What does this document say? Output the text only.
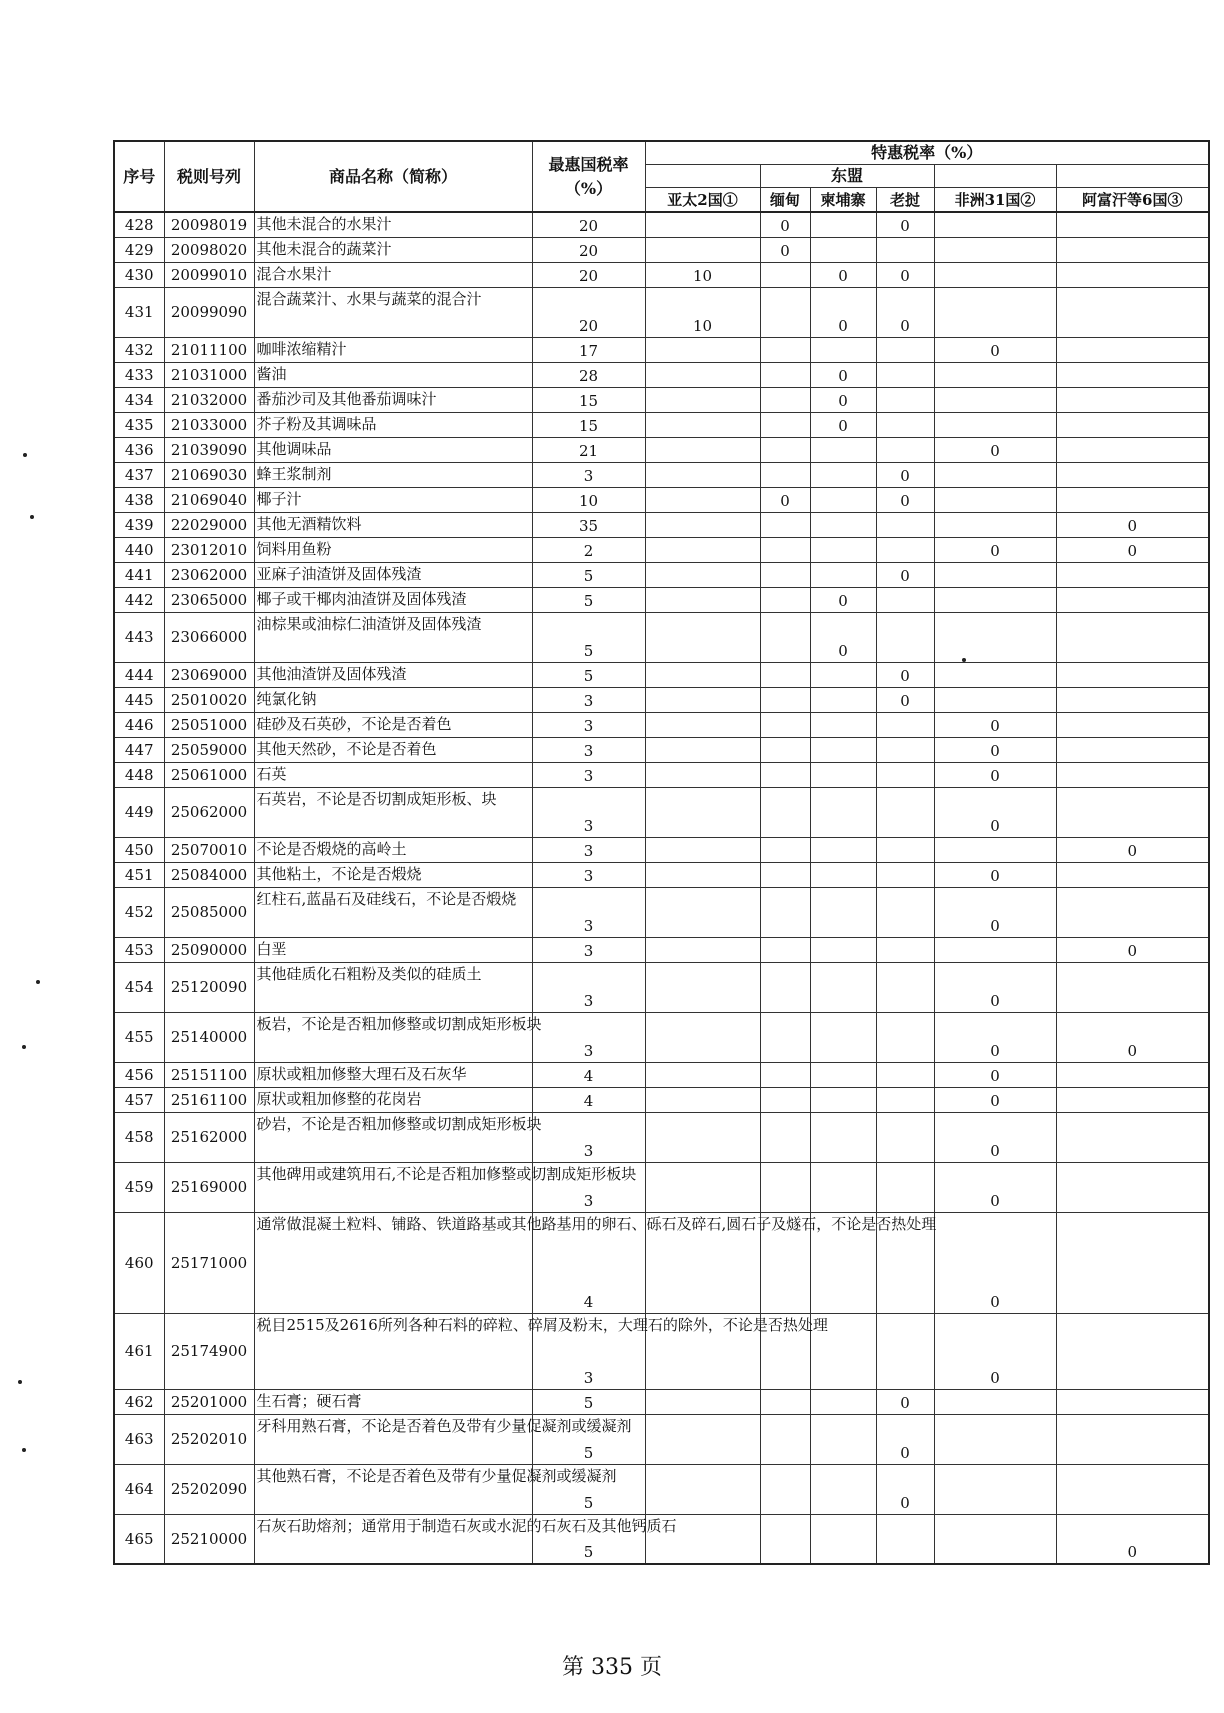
序号	税则号列	商品名称（简称）	最惠国税率
（%）	特惠税率（%）					
					东盟				
				亚太2国①	缅甸	柬埔寨	老挝	非洲31国②	阿富汗等6国③
428	20098019	其他未混合的水果汁	20		0		0		
429	20098020	其他未混合的蔬菜汁	20		0				
430	20099010	混合水果汁	20	10		0	0		
431	20099090	混合蔬菜汁、水果与蔬菜的混合汁	20	10		0	0		
432	21011100	咖啡浓缩精汁	17					0	
433	21031000	酱油	28			0			
434	21032000	番茄沙司及其他番茄调味汁	15			0			
435	21033000	芥子粉及其调味品	15			0			
436	21039090	其他调味品	21					0	
437	21069030	蜂王浆制剂	3				0		
438	21069040	椰子汁	10		0		0		
439	22029000	其他无酒精饮料	35						0
440	23012010	饲料用鱼粉	2					0	0
441	23062000	亚麻子油渣饼及固体残渣	5				0		
442	23065000	椰子或干椰肉油渣饼及固体残渣	5			0			
443	23066000	油棕果或油棕仁油渣饼及固体残渣	5			0			
444	23069000	其他油渣饼及固体残渣	5				0		
445	25010020	纯氯化钠	3				0		
446	25051000	硅砂及石英砂，不论是否着色	3					0	
447	25059000	其他天然砂，不论是否着色	3					0	
448	25061000	石英	3					0	
449	25062000	石英岩，不论是否切割成矩形板、块	3					0	
450	25070010	不论是否煅烧的高岭土	3						0
451	25084000	其他粘土，不论是否煅烧	3					0	
452	25085000	红柱石,蓝晶石及硅线石，不论是否煅烧	3					0	
453	25090000	白垩	3						0
454	25120090	其他硅质化石粗粉及类似的硅质土	3					0	
455	25140000	板岩，不论是否粗加修整或切割成矩形板块	3					0	0
456	25151100	原状或粗加修整大理石及石灰华	4					0	
457	25161100	原状或粗加修整的花岗岩	4					0	
458	25162000	砂岩，不论是否粗加修整或切割成矩形板块	3					0	
459	25169000	其他碑用或建筑用石,不论是否粗加修整或切割成矩形板块	3					0	
460	25171000	通常做混凝土粒料、铺路、铁道路基或其他路基用的卵石、砾石及碎石,圆石子及燧石，不论是否热处理	4					0	
461	25174900	税目2515及2616所列各种石料的碎粒、碎屑及粉末，大理石的除外，不论是否热处理	3					0	
462	25201000	生石膏；硬石膏	5				0		
463	25202010	牙科用熟石膏，不论是否着色及带有少量促凝剂或缓凝剂	5				0		
464	25202090	其他熟石膏，不论是否着色及带有少量促凝剂或缓凝剂	5				0		
465	25210000	石灰石助熔剂；通常用于制造石灰或水泥的石灰石及其他钙质石	5						0
第 335 页
